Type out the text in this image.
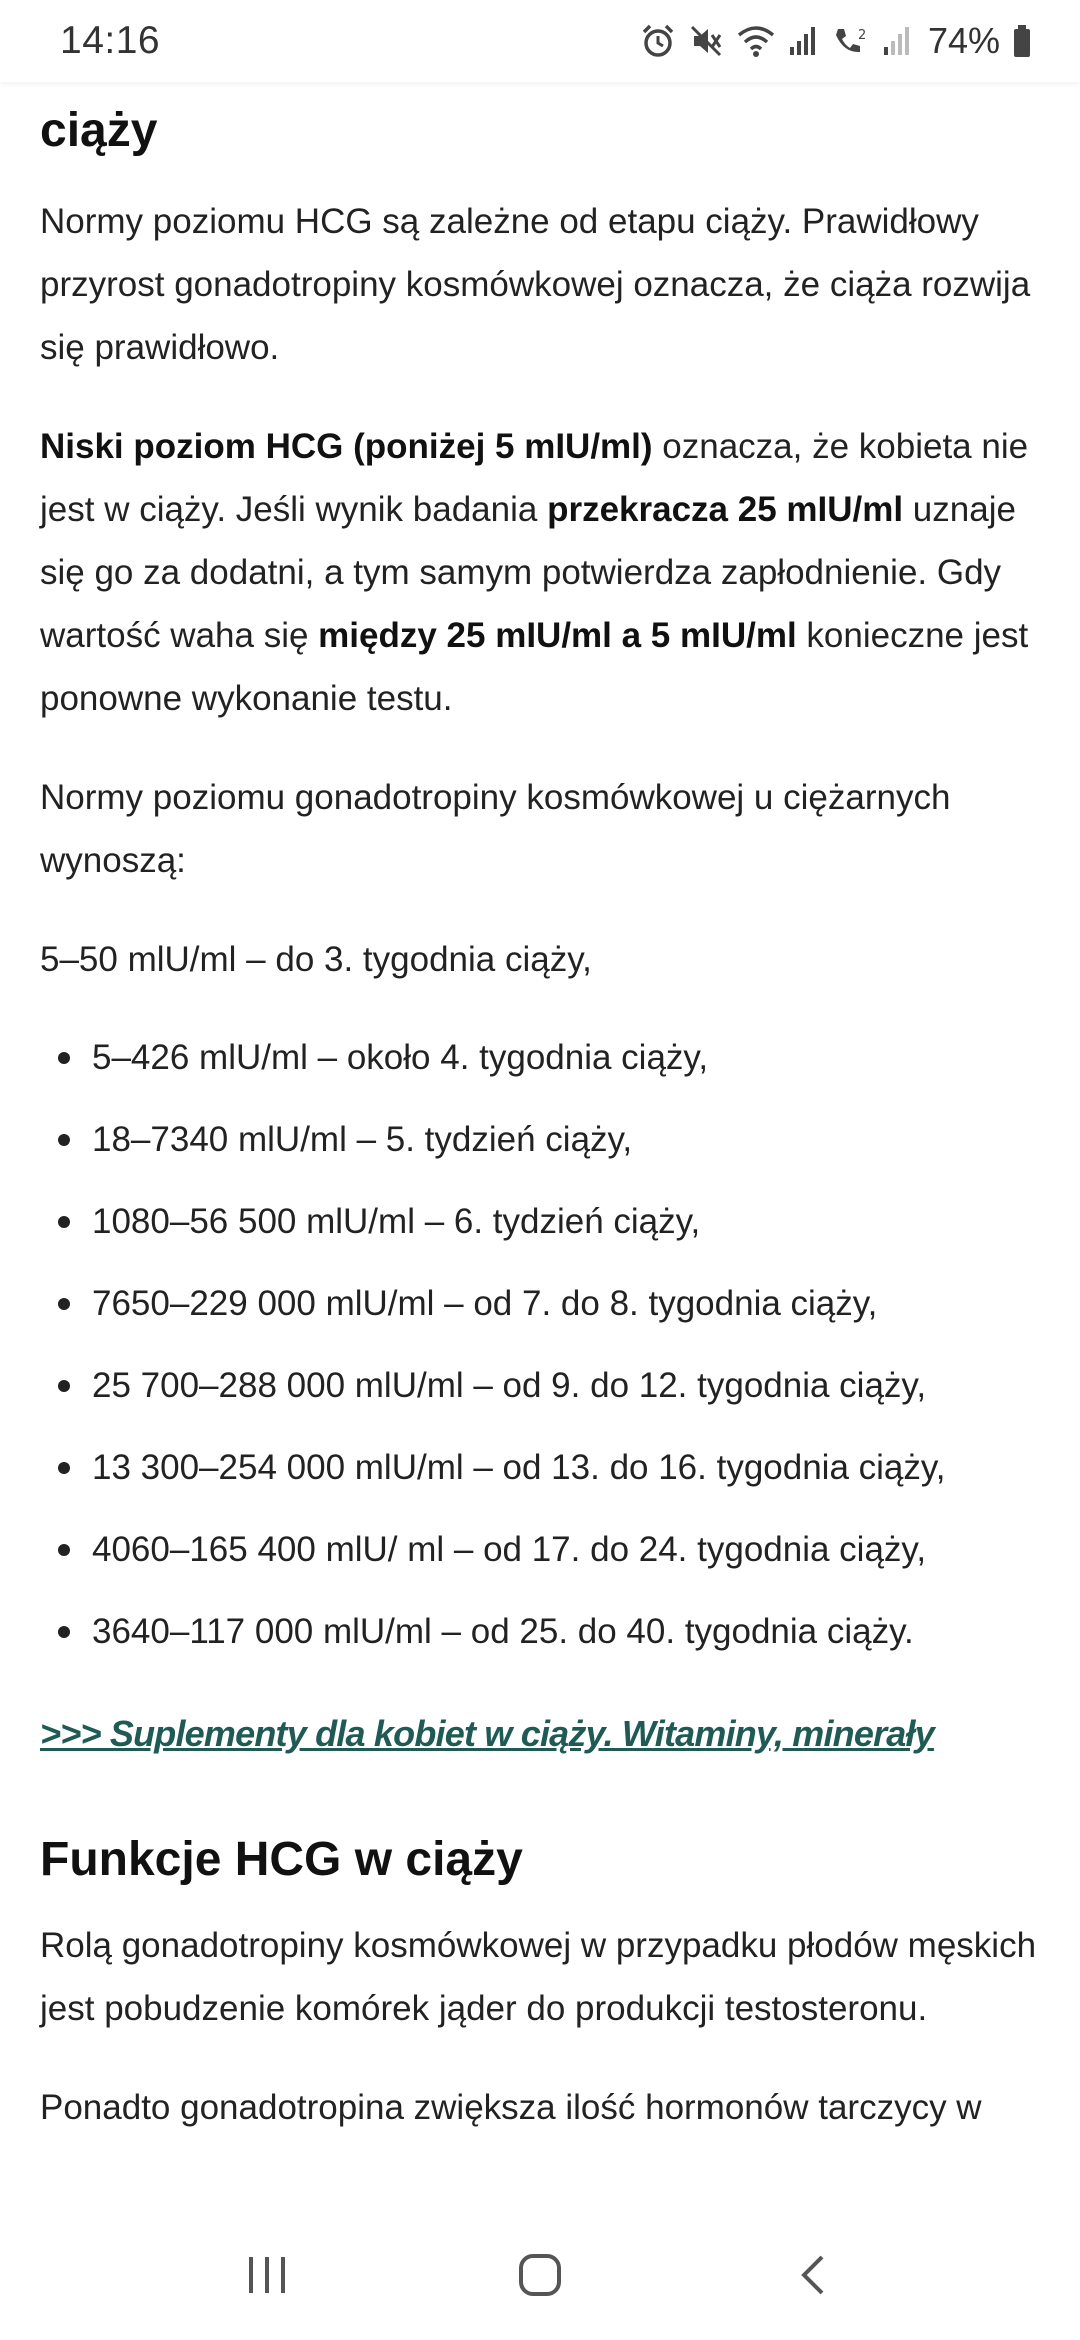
14:16	2 74%
ciąży

Normy poziomu HCG są zależne od etapu ciąży. Prawidłowy przyrost gonadotropiny kosmówkowej oznacza, że ciąża rozwija się prawidłowo.

Niski poziom HCG (poniżej 5 mIU/ml) oznacza, że kobieta nie jest w ciąży. Jeśli wynik badania przekracza 25 mIU/ml uznaje się go za dodatni, a tym samym potwierdza zapłodnienie. Gdy wartość waha się między 25 mIU/ml a 5 mIU/ml konieczne jest ponowne wykonanie testu.

Normy poziomu gonadotropiny kosmówkowej u ciężarnych wynoszą:

5–50 mlU/ml – do 3. tygodnia ciąży,
5–426 mlU/ml – około 4. tygodnia ciąży,
18–7340 mlU/ml – 5. tydzień ciąży,
1080–56 500 mlU/ml – 6. tydzień ciąży,
7650–229 000 mlU/ml – od 7. do 8. tygodnia ciąży,
25 700–288 000 mlU/ml – od 9. do 12. tygodnia ciąży,
13 300–254 000 mlU/ml – od 13. do 16. tygodnia ciąży,
4060–165 400 mlU/ ml – od 17. do 24. tygodnia ciąży,
3640–117 000 mlU/ml – od 25. do 40. tygodnia ciąży.
>>> Suplementy dla kobiet w ciąży. Witaminy, minerały
Funkcje HCG w ciąży

Rolą gonadotropiny kosmówkowej w przypadku płodów męskich jest pobudzenie komórek jąder do produkcji testosteronu.

Ponadto gonadotropina zwiększa ilość hormonów tarczycy w
